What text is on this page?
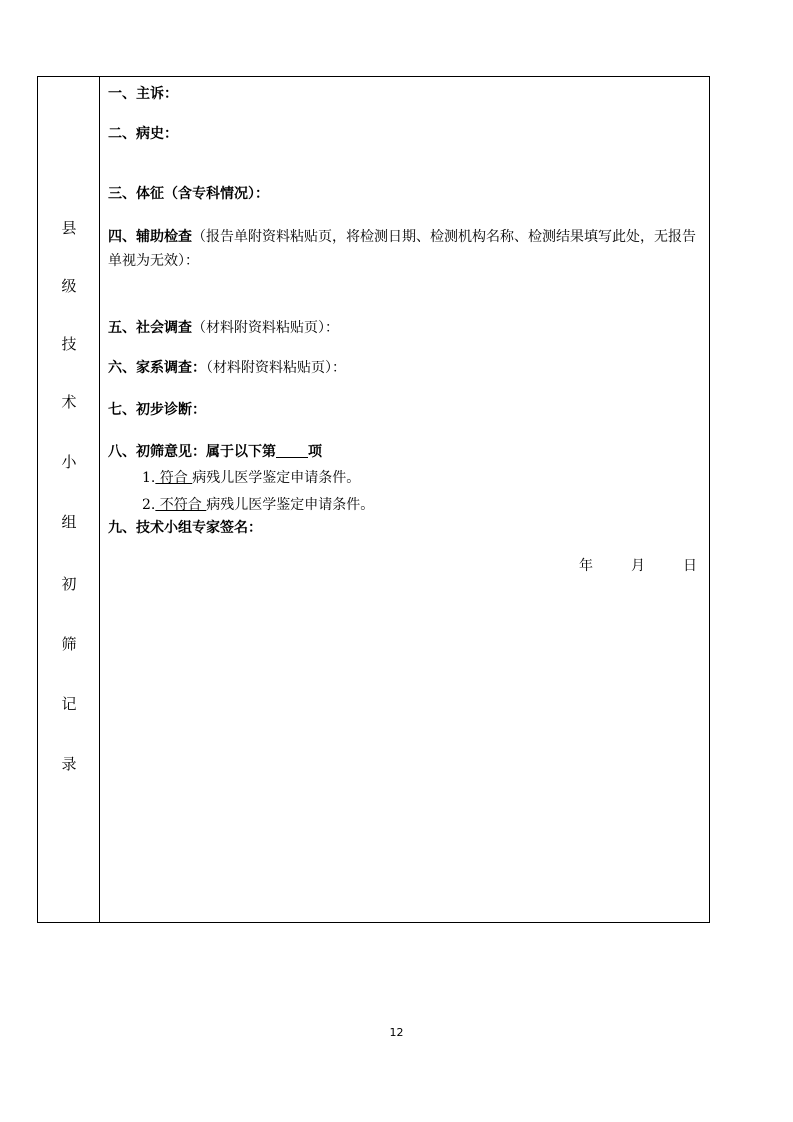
县
级
技
术
小
组
初
筛
记
录
一、主诉：
二、病史：
三、体征（含专科情况）：
四、辅助检查（报告单附资料粘贴页，将检测日期、检测机构名称、检测结果填写此处，无报告单视为无效）：
五、社会调查（材料附资料粘贴页）：
六、家系调查：（材料附资料粘贴页）：
七、初步诊断：
八、初筛意见：属于以下第 项
1. 符合 病残儿医学鉴定申请条件。
2. 不符合 病残儿医学鉴定申请条件。
九、技术小组专家签名：
年	月	日
12
